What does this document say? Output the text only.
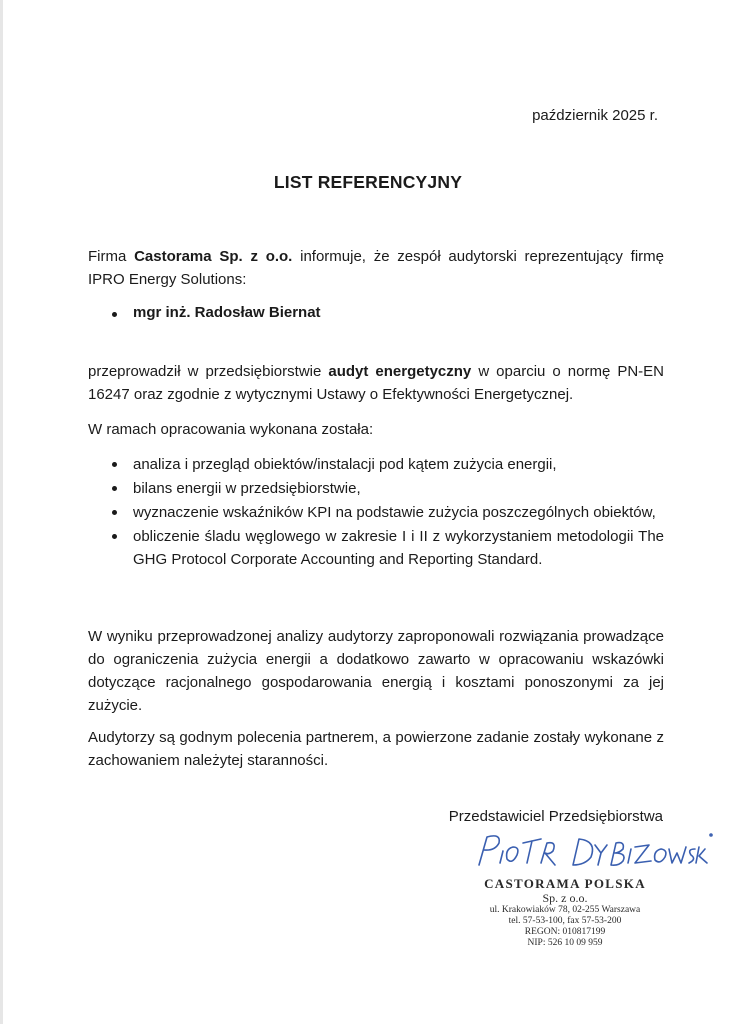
październik 2025 r.
LIST REFERENCYJNY

Firma Castorama Sp. z o.o. informuje, że zespół audytorski reprezentujący firmę IPRO Energy Solutions:

mgr inż. Radosław Biernat

przeprowadził w przedsiębiorstwie audyt energetyczny w oparciu o normę PN-EN 16247 oraz zgodnie z wytycznymi Ustawy o Efektywności Energetycznej.

W ramach opracowania wykonana została:

analiza i przegląd obiektów/instalacji pod kątem zużycia energii,
bilans energii w przedsiębiorstwie,
wyznaczenie wskaźników KPI na podstawie zużycia poszczególnych obiektów,
obliczenie śladu węglowego w zakresie I i II z wykorzystaniem metodologii The GHG Protocol Corporate Accounting and Reporting Standard.

W wyniku przeprowadzonej analizy audytorzy zaproponowali rozwiązania prowadzące do ograniczenia zużycia energii a dodatkowo zawarto w opracowaniu wskazówki dotyczące racjonalnego gospodarowania energią i kosztami ponoszonymi za jej zużycie.

Audytorzy są godnym polecenia partnerem, a powierzone zadanie zostały wykonane z zachowaniem należytej staranności.

Przedstawiciel Przedsiębiorstwa
PIOTR DYBIZOWSKI
CASTORAMA POLSKA
Sp. z o.o.
ul. Krakowiaków 78, 02-255 Warszawa
tel. 57-53-100, fax 57-53-200
REGON: 010817199
NIP: 526 10 09 959
